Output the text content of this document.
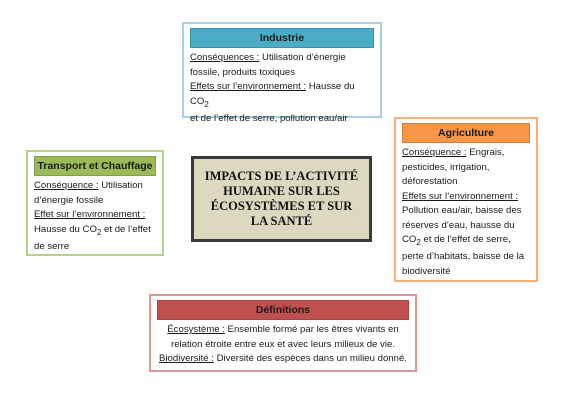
Industrie
Conséquences : Utilisation d’énergie
fossile, produits toxiques
Effets sur l’environnement : Hausse du $CO_2$
et de l’effet de serre, pollution eau/air
Agriculture
Conséquence : Engrais,
pesticides, irrigation,
déforestation
Effets sur l’environnement :
Pollution eau/air, baisse des
réserves d’eau, hausse du
$CO_2$ et de l’effet de serre,
perte d’habitats, baisse de la
biodiversité
Transport et Chauffage
Conséquence : Utilisation
d’énergie fossile
Effet sur l’environnement :
Hausse du $CO_2$ et de l’effet
de serre
IMPACTS DE L’ACTIVITÉ HUMAINE SUR LES ÉCOSYSTÈMES ET SUR LA SANTÉ
Définitions
Écosystème : Ensemble formé par les êtres vivants en
relation étroite entre eux et avec leurs milieux de vie.
Biodiversité : Diversité des espèces dans un milieu donné.
